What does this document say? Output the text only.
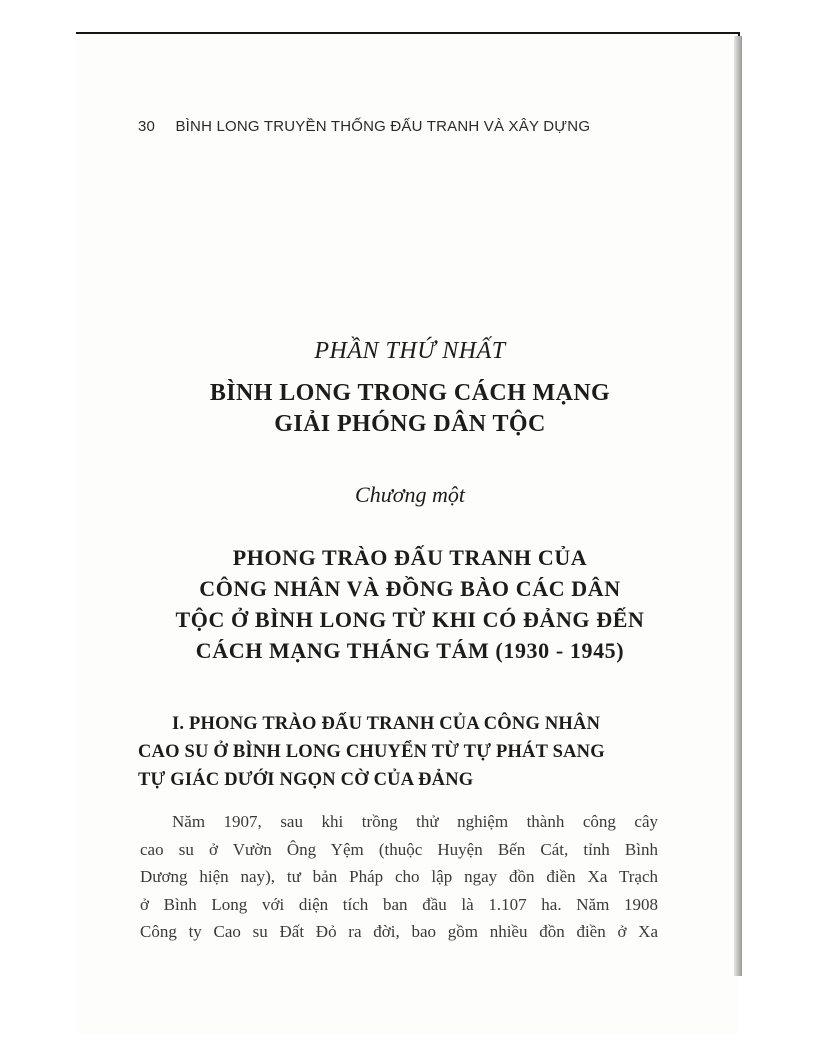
30 BÌNH LONG TRUYỀN THỐNG ĐẤU TRANH VÀ XÂY DỰNG
PHẦN THỨ NHẤT
BÌNH LONG TRONG CÁCH MẠNG
GIẢI PHÓNG DÂN TỘC
Chương một
PHONG TRÀO ĐẤU TRANH CỦA
CÔNG NHÂN VÀ ĐỒNG BÀO CÁC DÂN
TỘC Ở BÌNH LONG TỪ KHI CÓ ĐẢNG ĐẾN
CÁCH MẠNG THÁNG TÁM (1930 - 1945)
I. PHONG TRÀO ĐẤU TRANH CỦA CÔNG NHÂN
CAO SU Ở BÌNH LONG CHUYỂN TỪ TỰ PHÁT SANG
TỰ GIÁC DƯỚI NGỌN CỜ CỦA ĐẢNG
Năm 1907, sau khi trồng thử nghiệm thành công cây
cao su ở Vườn Ông Yệm (thuộc Huyện Bến Cát, tỉnh Bình
Dương hiện nay), tư bản Pháp cho lập ngay đồn điền Xa Trạch
ở Bình Long với diện tích ban đầu là 1.107 ha. Năm 1908
Công ty Cao su Đất Đỏ ra đời, bao gồm nhiều đồn điền ở Xa
